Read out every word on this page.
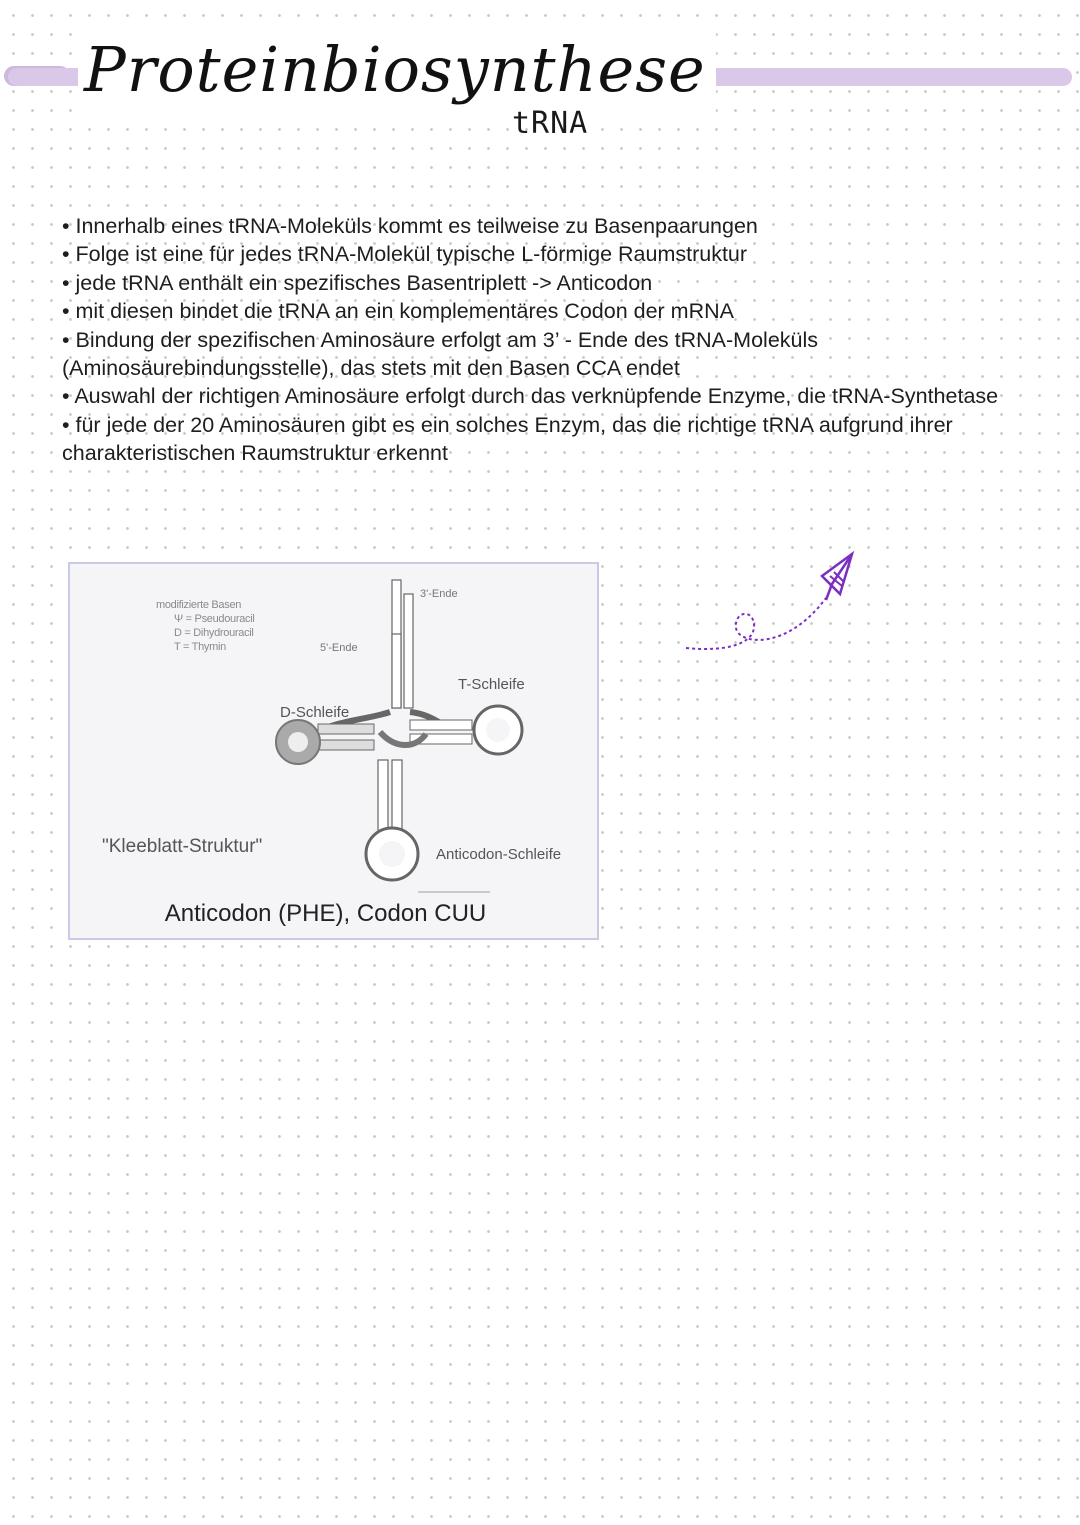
Proteinbiosynthese
tRNA

• Innerhalb eines tRNA-Moleküls kommt es teilweise zu Basenpaarungen

• Folge ist eine für jedes tRNA-Molekül typische L-förmige Raumstruktur

• jede tRNA enthält ein spezifisches Basentriplett -> Anticodon

• mit diesen bindet die tRNA an ein komplementäres Codon der mRNA

• Bindung der spezifischen Aminosäure erfolgt am 3’ - Ende des tRNA-Moleküls (Aminosäurebindungsstelle), das stets mit den Basen CCA endet

• Auswahl der richtigen Aminosäure erfolgt durch das verknüpfende Enzyme, die tRNA-Synthetase

• für jede der 20 Aminosäuren gibt es ein solches Enzym, das die richtige tRNA aufgrund ihrer charakteristischen Raumstruktur erkennt

modifizierte Basen
Ψ = Pseudouracil
D = Dihydrouracil
T = Thymin
3'-Ende
5'-Ende
T-Schleife
D-Schleife
Anticodon-Schleife
"Kleeblatt-Struktur"
Anticodon (PHE), Codon CUU
